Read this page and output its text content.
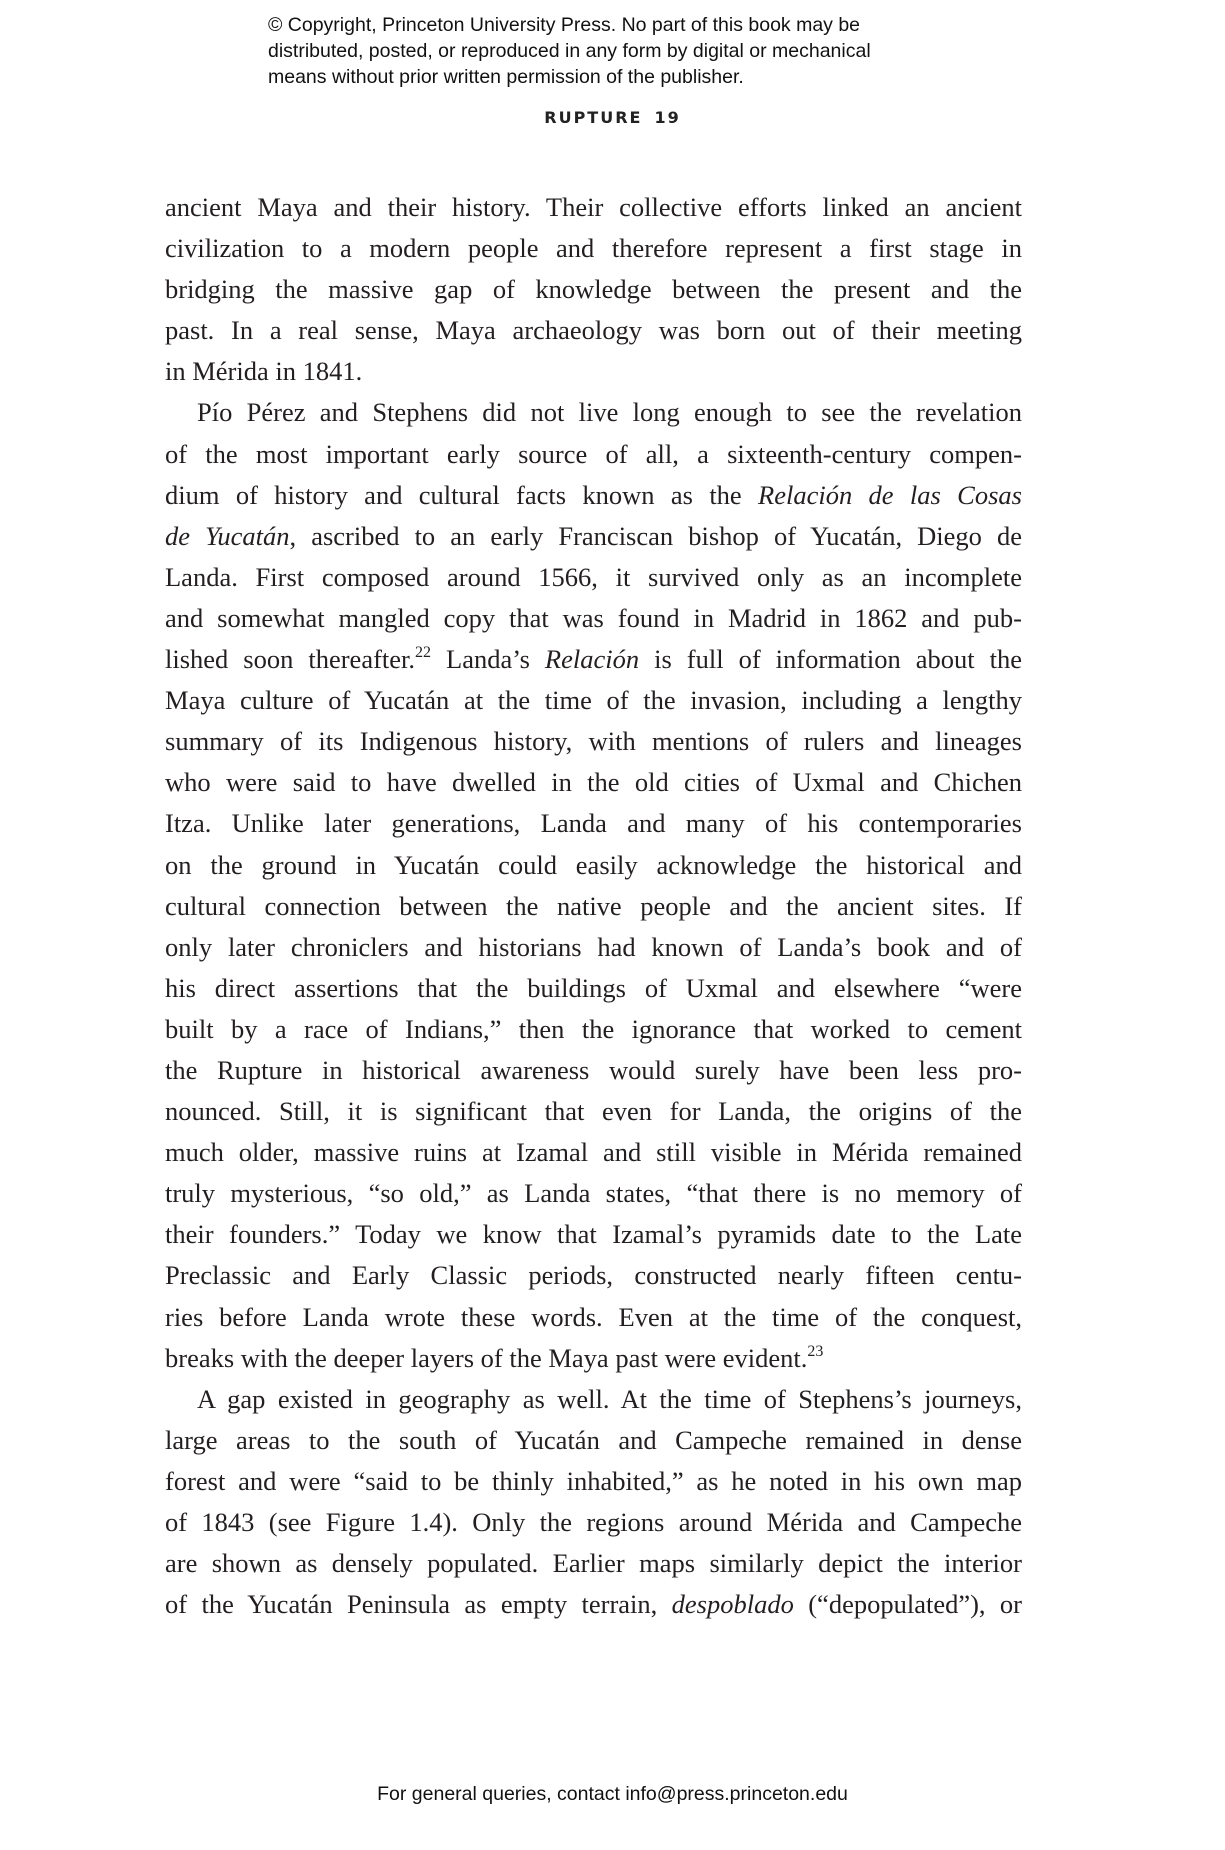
© Copyright, Princeton University Press. No part of this book may be
distributed, posted, or reproduced in any form by digital or mechanical
means without prior written permission of the publisher.
RUPTURE 19
ancient Maya and their history. Their collective efforts linked an ancient
civilization to a modern people and therefore represent a first stage in
bridging the massive gap of knowledge between the present and the
past. In a real sense, Maya archaeology was born out of their meeting
in Mérida in 1841.
Pío Pérez and Stephens did not live long enough to see the revelation
of the most important early source of all, a sixteenth-century compen-
dium of history and cultural facts known as the Relación de las Cosas
de Yucatán, ascribed to an early Franciscan bishop of Yucatán, Diego de
Landa. First composed around 1566, it survived only as an incomplete
and somewhat mangled copy that was found in Madrid in 1862 and pub-
lished soon thereafter.$^{22}$ Landa’s Relación is full of information about the
Maya culture of Yucatán at the time of the invasion, including a lengthy
summary of its Indigenous history, with mentions of rulers and lineages
who were said to have dwelled in the old cities of Uxmal and Chichen
Itza. Unlike later generations, Landa and many of his contemporaries
on the ground in Yucatán could easily acknowledge the historical and
cultural connection between the native people and the ancient sites. If
only later chroniclers and historians had known of Landa’s book and of
his direct assertions that the buildings of Uxmal and elsewhere “were
built by a race of Indians,” then the ignorance that worked to cement
the Rupture in historical awareness would surely have been less pro-
nounced. Still, it is significant that even for Landa, the origins of the
much older, massive ruins at Izamal and still visible in Mérida remained
truly mysterious, “so old,” as Landa states, “that there is no memory of
their founders.” Today we know that Izamal’s pyramids date to the Late
Preclassic and Early Classic periods, constructed nearly fifteen centu-
ries before Landa wrote these words. Even at the time of the conquest,
breaks with the deeper layers of the Maya past were evident.$^{23}$
A gap existed in geography as well. At the time of Stephens’s journeys,
large areas to the south of Yucatán and Campeche remained in dense
forest and were “said to be thinly inhabited,” as he noted in his own map
of 1843 (see Figure 1.4). Only the regions around Mérida and Campeche
are shown as densely populated. Earlier maps similarly depict the interior
of the Yucatán Peninsula as empty terrain, despoblado (“depopulated”), or
For general queries, contact info@press.princeton.edu
